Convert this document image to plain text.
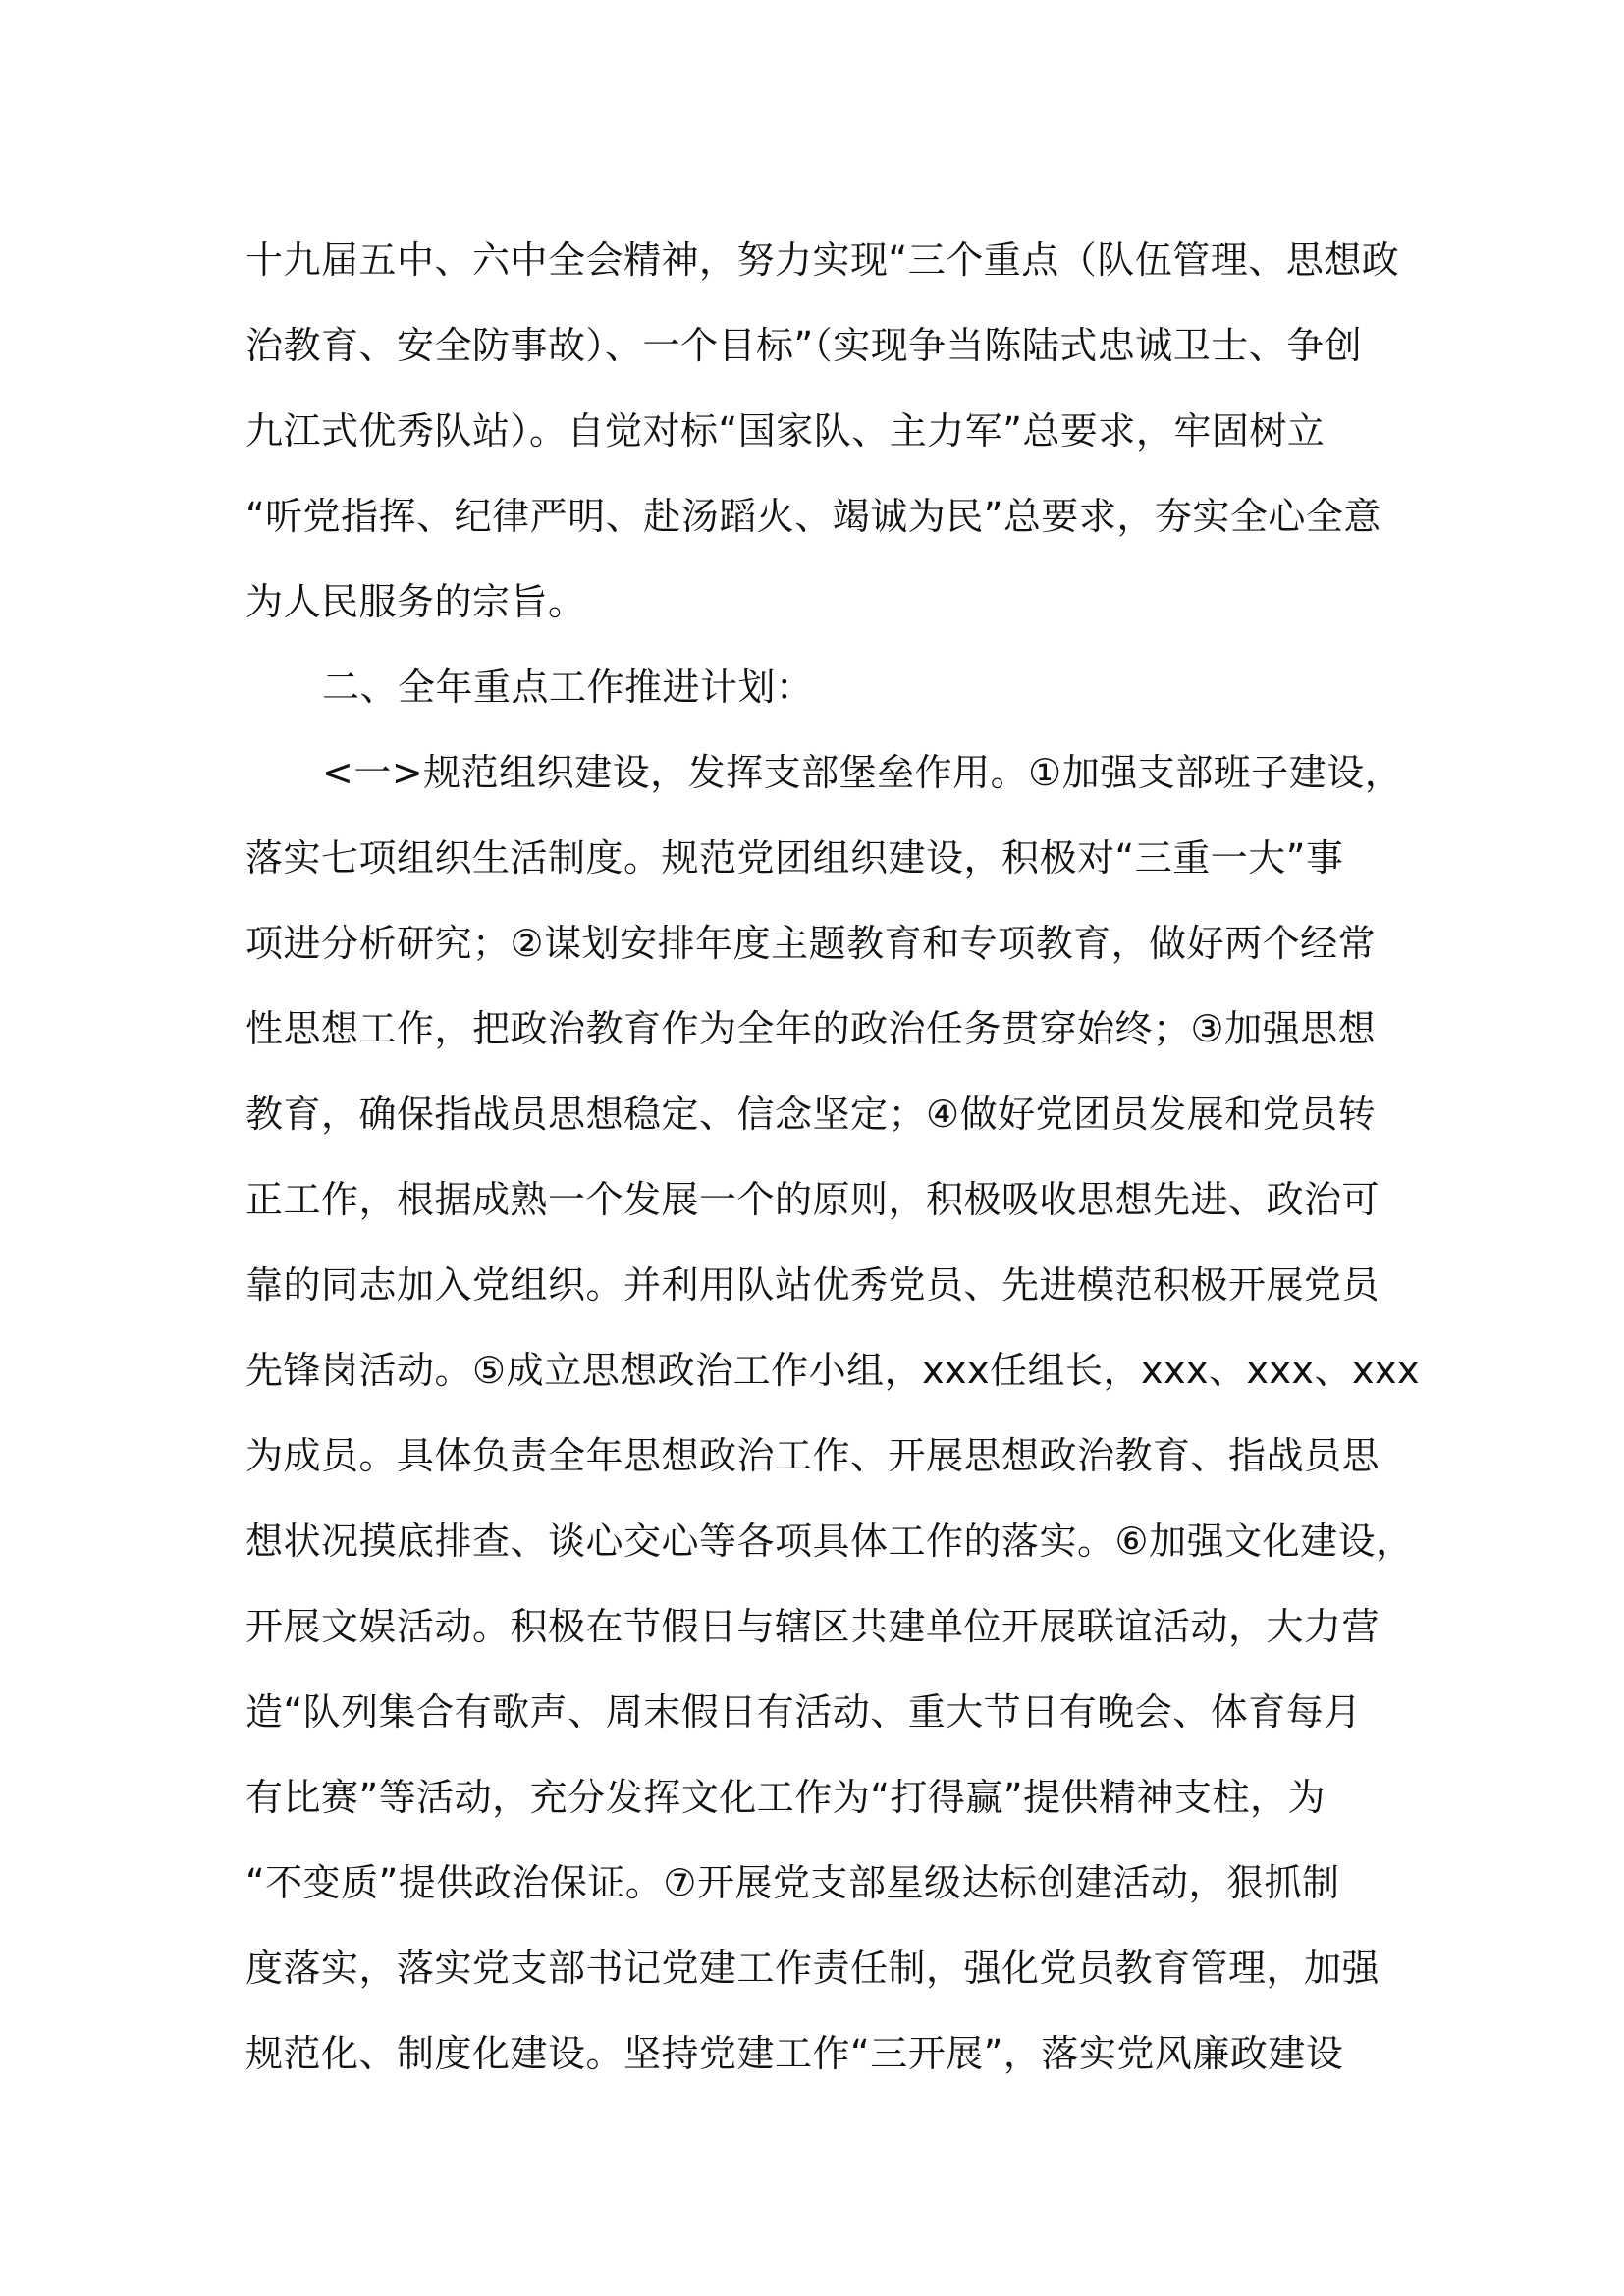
十九届五中、六中全会精神，努力实现“三个重点（队伍管理、思想政
治教育、安全防事故）、一个目标”（实现争当陈陆式忠诚卫士、争创
九江式优秀队站）。自觉对标“国家队、主力军”总要求，牢固树立
“听党指挥、纪律严明、赴汤蹈火、竭诚为民”总要求，夯实全心全意
为人民服务的宗旨。
二、全年重点工作推进计划：
<一>规范组织建设，发挥支部堡垒作用。①加强支部班子建设，
落实七项组织生活制度。规范党团组织建设，积极对“三重一大”事
项进分析研究；②谋划安排年度主题教育和专项教育，做好两个经常
性思想工作，把政治教育作为全年的政治任务贯穿始终；③加强思想
教育，确保指战员思想稳定、信念坚定；④做好党团员发展和党员转
正工作，根据成熟一个发展一个的原则，积极吸收思想先进、政治可
靠的同志加入党组织。并利用队站优秀党员、先进模范积极开展党员
先锋岗活动。⑤成立思想政治工作小组，xxx任组长，xxx、xxx、xxx
为成员。具体负责全年思想政治工作、开展思想政治教育、指战员思
想状况摸底排查、谈心交心等各项具体工作的落实。⑥加强文化建设，
开展文娱活动。积极在节假日与辖区共建单位开展联谊活动，大力营
造“队列集合有歌声、周末假日有活动、重大节日有晚会、体育每月
有比赛”等活动，充分发挥文化工作为“打得赢”提供精神支柱，为
“不变质”提供政治保证。⑦开展党支部星级达标创建活动，狠抓制
度落实，落实党支部书记党建工作责任制，强化党员教育管理，加强
规范化、制度化建设。坚持党建工作“三开展”，落实党风廉政建设
